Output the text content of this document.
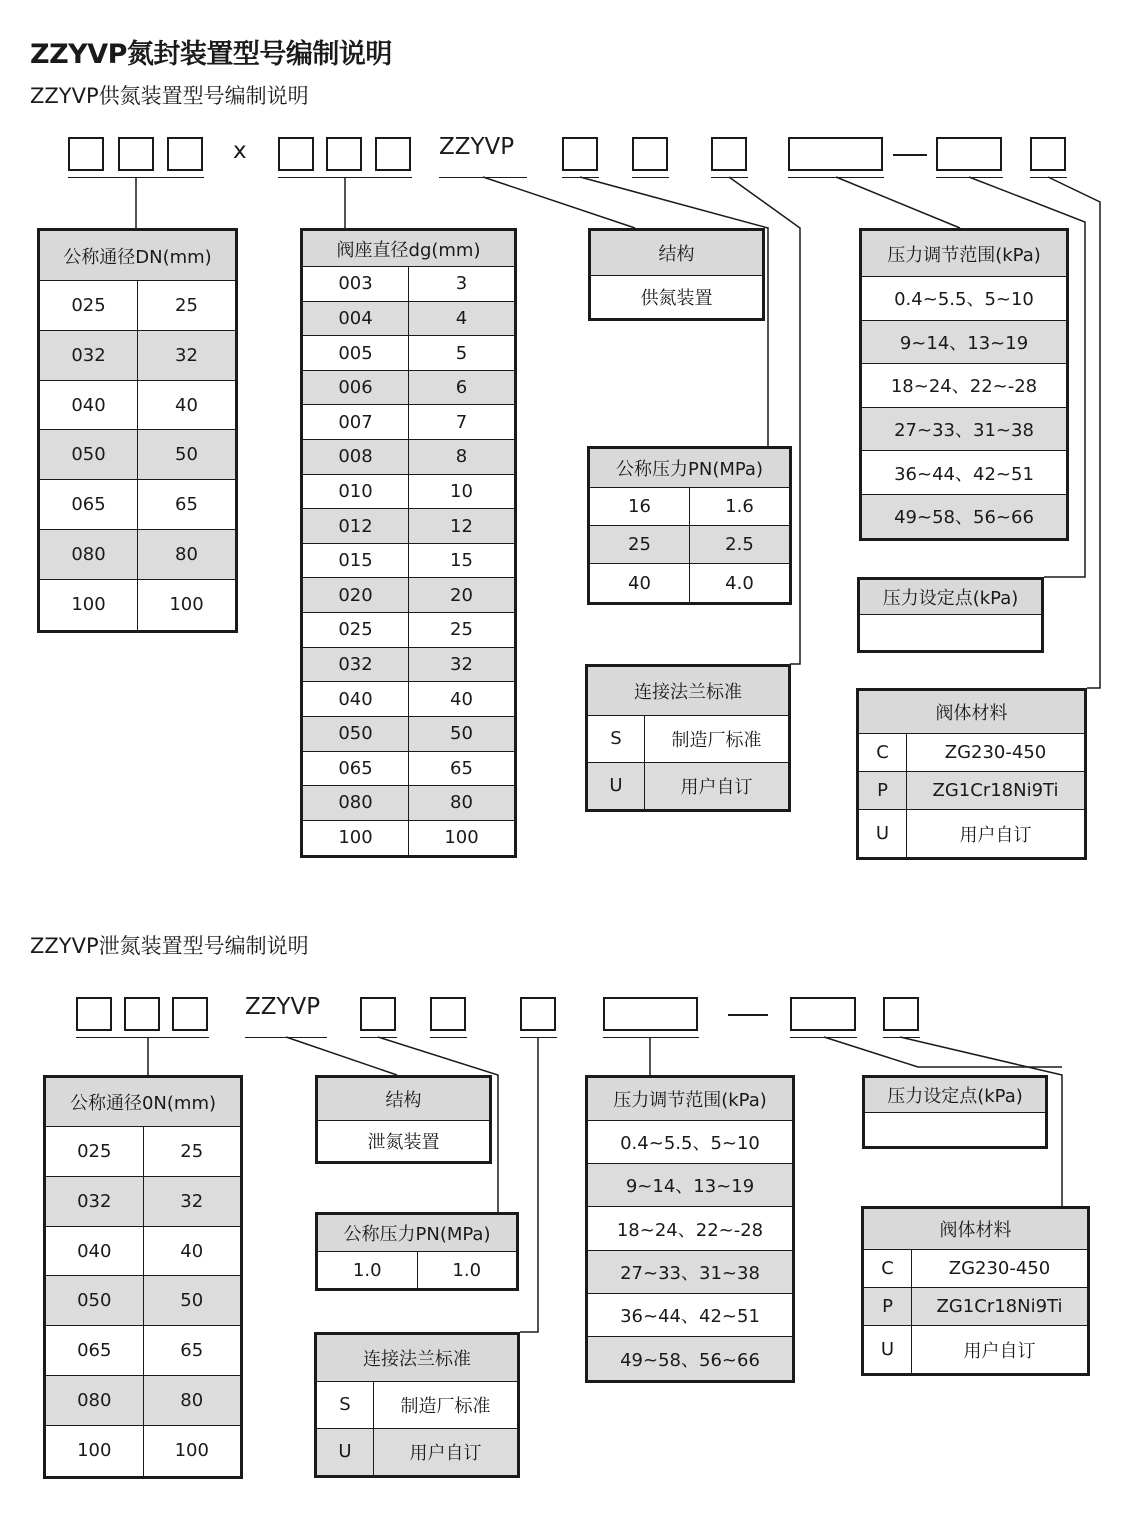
ZZYVP氮封装置型号编制说明
ZZYVP供氮装置型号编制说明
ZZYVP泄氮装置型号编制说明
x	ZZYVP
ZZYVP
公称通径DN(mm)	
025	25
032	32
040	40
050	50
065	65
080	80
100	100
阀座直径dg(mm)	
003	3
004	4
005	5
006	6
007	7
008	8
010	10
012	12
015	15
020	20
025	25
032	32
040	40
050	50
065	65
080	80
100	100
结构
供氮装置
公称压力PN(MPa)	
16	1.6
25	2.5
40	4.0
连接法兰标准	
S	制造厂标准
U	用户自订
压力调节范围(kPa)
0.4~5.5、5~10
9~14、13~19
18~24、22~-28
27~33、31~38
36~44、42~51
49~58、56~66
压力设定点(kPa)

阀体材料	
C	ZG230-450
P	ZG1Cr18Ni9Ti
U	用户自订
公称通径0N(mm)	
025	25
032	32
040	40
050	50
065	65
080	80
100	100
结构
泄氮装置
公称压力PN(MPa)
1.0	1.0
连接法兰标准	
S	制造厂标准
U	用户自订
压力调节范围(kPa)
0.4~5.5、5~10
9~14、13~19
18~24、22~-28
27~33、31~38
36~44、42~51
49~58、56~66
压力设定点(kPa)

阀体材料	
C	ZG230-450
P	ZG1Cr18Ni9Ti
U	用户自订
